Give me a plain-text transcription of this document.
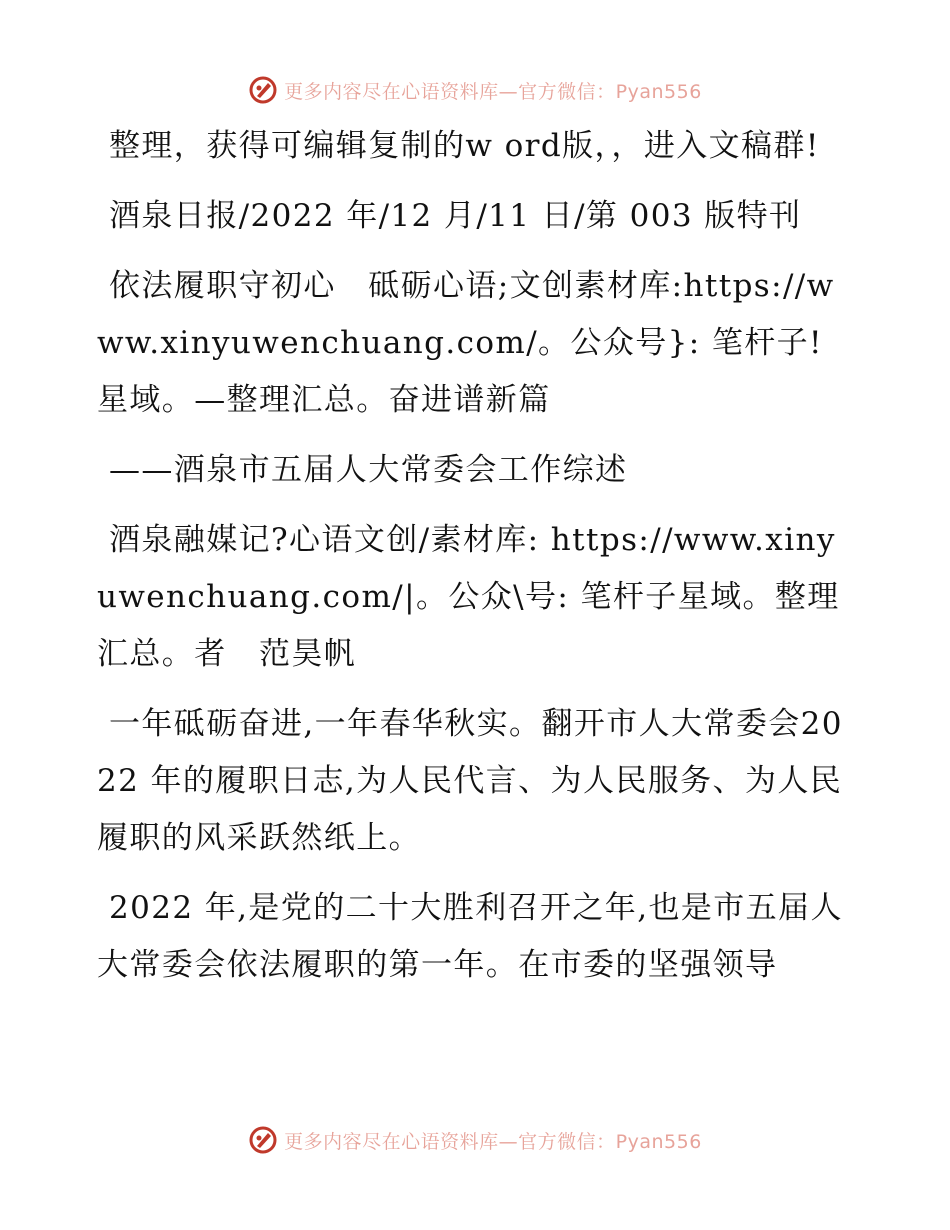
更多内容尽在心语资料库—官方微信：Pyan556

整理，获得可编辑复制的w ord版，，进入文稿群!

酒泉日报/2022 年/12 月/11 日/第 003 版特刊

依法履职守初心　砥砺心语;文创素材库:https://www.xinyuwenchuang.com/。公众号}: 笔杆子! 星域。—整理汇总。奋进谱新篇

——酒泉市五届人大常委会工作综述

酒泉融媒记?心语文创/素材库: https://www.xinyuwenchuang.com/|。公众\号: 笔杆子星域。整理汇总。者　范昊帆

一年砥砺奋进,一年春华秋实。翻开市人大常委会2022 年的履职日志,为人民代言、为人民服务、为人民履职的风采跃然纸上。

2022 年,是党的二十大胜利召开之年,也是市五届人大常委会依法履职的第一年。在市委的坚强领导

更多内容尽在心语资料库—官方微信：Pyan556
